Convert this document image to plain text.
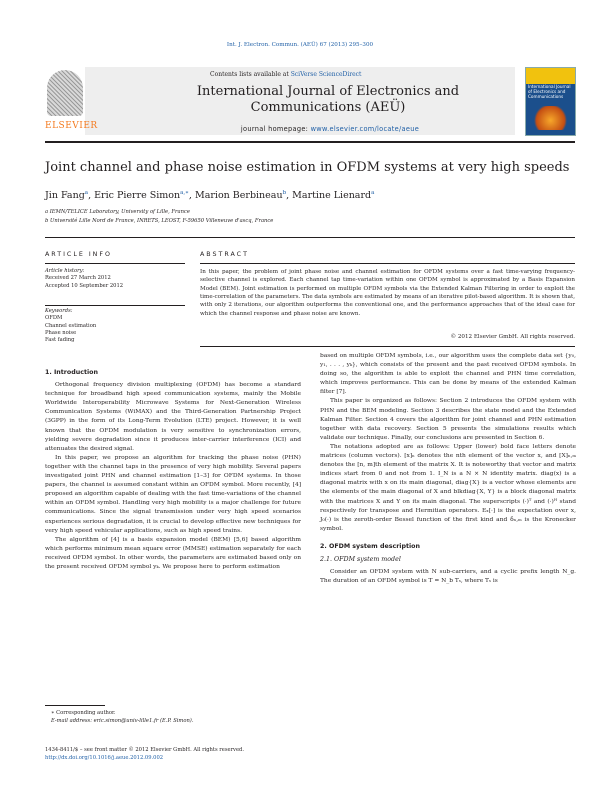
Int. J. Electron. Commun. (AEÜ) 67 (2013) 295–300
ELSEVIER
Contents lists available at SciVerse ScienceDirect
International Journal of Electronics and
Communications (AEÜ)
journal homepage: www.elsevier.com/locate/aeue
International Journal of Electronics and Communications
Joint channel and phase noise estimation in OFDM systems at very high speeds
Jin Fang$^a$, Eric Pierre Simon$^{a,∗}$, Marion Berbineau$^b$, Martine Lienard$^a$
a IEMN/TELICE Laboratory, University of Lille, France
b Université Lille Nord de France, INRETS, LEOST, F-59650 Villeneuve d'ascq, France
ARTICLE INFO
Article history:
Received 27 March 2012
Accepted 10 September 2012
Keywords:
OFDM
Channel estimation
Phase noise
Fast fading
ABSTRACT
In this paper, the problem of joint phase noise and channel estimation for OFDM systems over a fast time-varying frequency-selective channel is explored. Each channel tap time-variation within one OFDM symbol is approximated by a Basis Expansion Model (BEM). Joint estimation is performed on multiple OFDM symbols via the Extended Kalman Filtering in order to exploit the time-correlation of the parameters. The data symbols are estimated by means of an iterative pilot-based algorithm. It is shown that, with only 2 iterations, our algorithm outperforms the conventional one, and the performance approaches that of the ideal case for which the channel response and phase noise are known.
© 2012 Elsevier GmbH. All rights reserved.
1. Introduction

Orthogonal frequency division multiplexing (OFDM) has become a standard technique for broadband high speed communication systems, mainly the Mobile Worldwide Interoperability Microwave Systems for Next-Generation Wireless Communication Systems (WiMAX) and the Third-Generation Partnership Project (3GPP) in the form of its Long-Term Evolution (LTE) project. However, it is well known that the OFDM modulation is very sensitive to synchronization errors, yielding severe degradation since it produces inter-carrier interference (ICI) and attenuates the desired signal.

In this paper, we propose an algorithm for tracking the phase noise (PHN) together with the channel taps in the presence of very high mobility. Several papers investigated joint PHN and channel estimation [1–3] for OFDM systems. In those papers, the channel is assumed constant within an OFDM symbol. More recently, [4] proposed an algorithm capable of dealing with the fast time-variations of the channel within an OFDM symbol. Handling very high mobility is a major challenge for future communications. Since the signal transmission under very high speed scenarios experiences serious degradation, it is crucial to develop effective new techniques for very high speed vehicular applications, such as high speed trains.

The algorithm of [4] is a basis expansion model (BEM) [5,6] based algorithm which performs minimum mean square error (MMSE) estimation separately for each received OFDM symbol. In other words, the parameters are estimated based only on the present received OFDM symbol yₖ. We propose here to perform estimation

based on multiple OFDM symbols, i.e., our algorithm uses the complete data set {y₀, y₁, . . . , yₖ}, which consists of the present and the past received OFDM symbols. In doing so, the algorithm is able to exploit the channel and PHN time correlation, which improves performance. This can be done by means of the extended Kalman filter [7].

This paper is organized as follows: Section 2 introduces the OFDM system with PHN and the BEM modeling. Section 3 describes the state model and the Extended Kalman Filter. Section 4 covers the algorithm for joint channel and PHN estimation together with data recovery. Section 5 presents the simulations results which validate our technique. Finally, our conclusions are presented in Section 6.

The notations adopted are as follows: Upper (lower) bold face letters denote matrices (column vectors). [x]ₙ denotes the nth element of the vector x, and [X]ₙ,ₘ denotes the [n, m]th element of the matrix X. It is noteworthy that vector and matrix indices start from 0 and not from 1. I_N is a N × N identity matrix. diag(x) is a diagonal matrix with x on its main diagonal, diag{X} is a vector whose elements are the elements of the main diagonal of X and blkdiag{X, Y} is a block diagonal matrix with the matrices X and Y on its main diagonal. The superscripts (·)ᵀ and (·)ᴴ stand respectively for transpose and Hermitian operators. Eₓ[·] is the expectation over x, J₀(·) is the zeroth-order Bessel function of the first kind and δₙ,ₘ is the Kronecker symbol.

2. OFDM system description
2.1. OFDM system model

Consider an OFDM system with N sub-carriers, and a cyclic prefix length N_g. The duration of an OFDM symbol is T = N_b Tₛ, where Tₛ is

∗ Corresponding author.
E-mail address: eric.simon@univ-lille1.fr (E.P. Simon).
1434-8411/$ – see front matter © 2012 Elsevier GmbH. All rights reserved.
http://dx.doi.org/10.1016/j.aeue.2012.09.002
